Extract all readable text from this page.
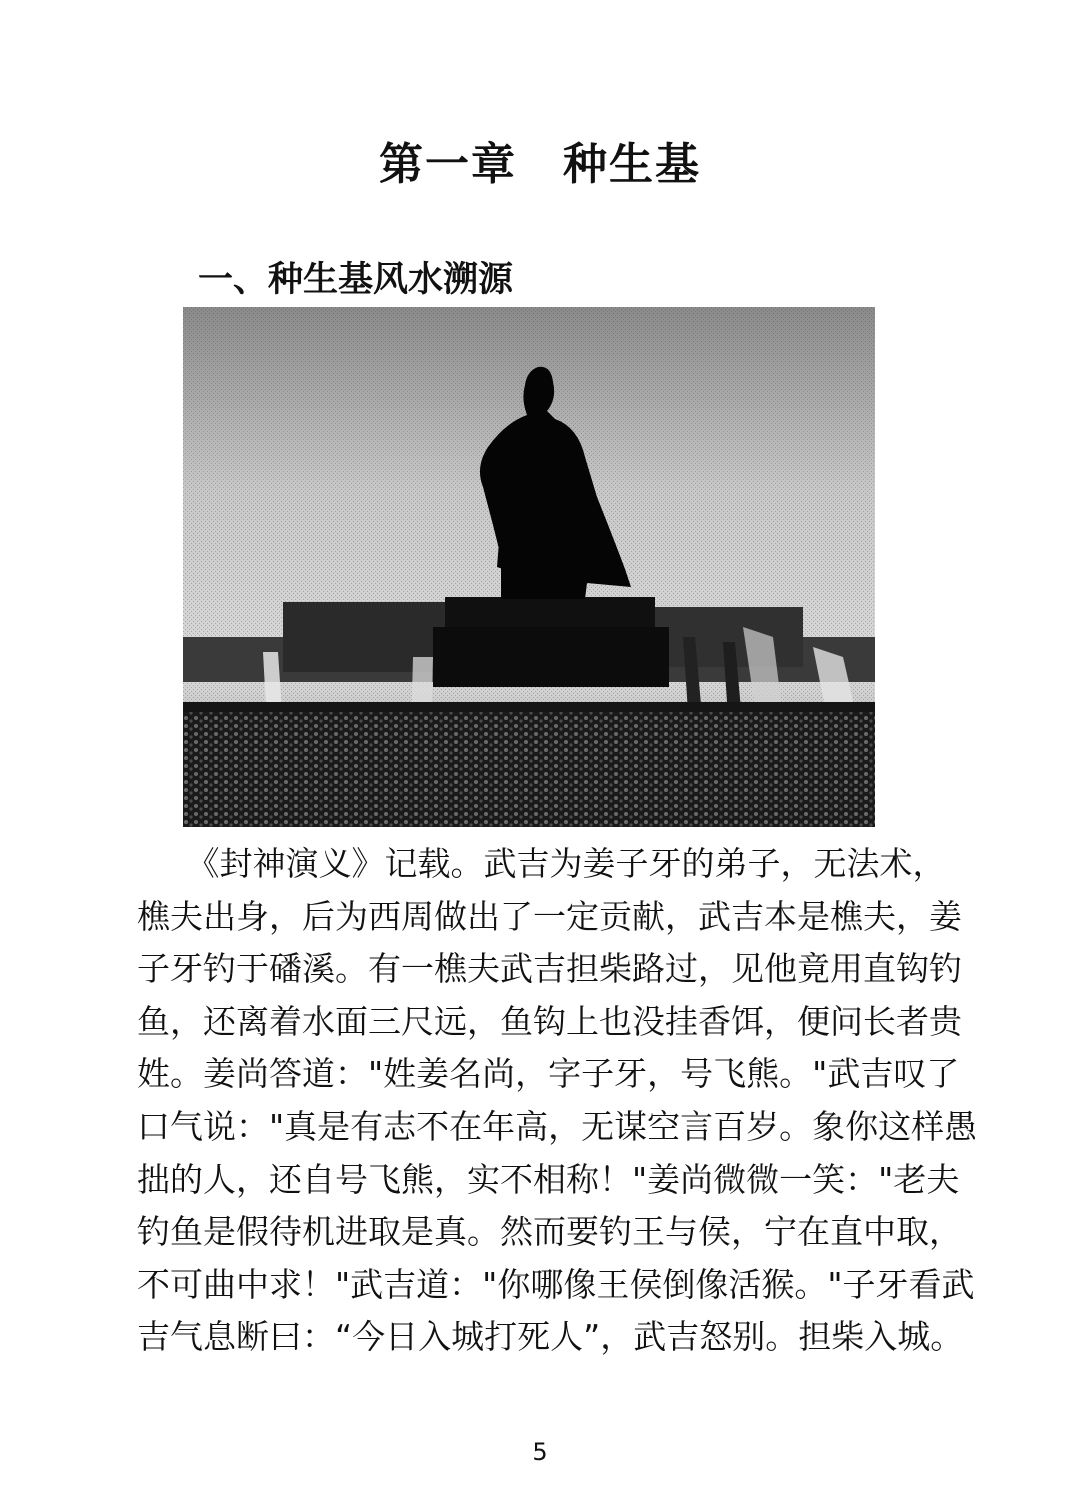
第一章　种生基
一、种生基风水溯源
　　《封神演义》记载。武吉为姜子牙的弟子，无法术，
樵夫出身，后为西周做出了一定贡献，武吉本是樵夫，姜
子牙钓于磻溪。有一樵夫武吉担柴路过，见他竟用直钩钓
鱼，还离着水面三尺远，鱼钩上也没挂香饵，便问长者贵
姓。姜尚答道："姓姜名尚，字子牙，号飞熊。"武吉叹了
口气说："真是有志不在年高，无谋空言百岁。象你这样愚
拙的人，还自号飞熊，实不相称！"姜尚微微一笑："老夫
钓鱼是假待机进取是真。然而要钓王与侯，宁在直中取，
不可曲中求！"武吉道："你哪像王侯倒像活猴。"子牙看武
吉气息断曰：“今日入城打死人”，武吉怒别。担柴入城。

5
